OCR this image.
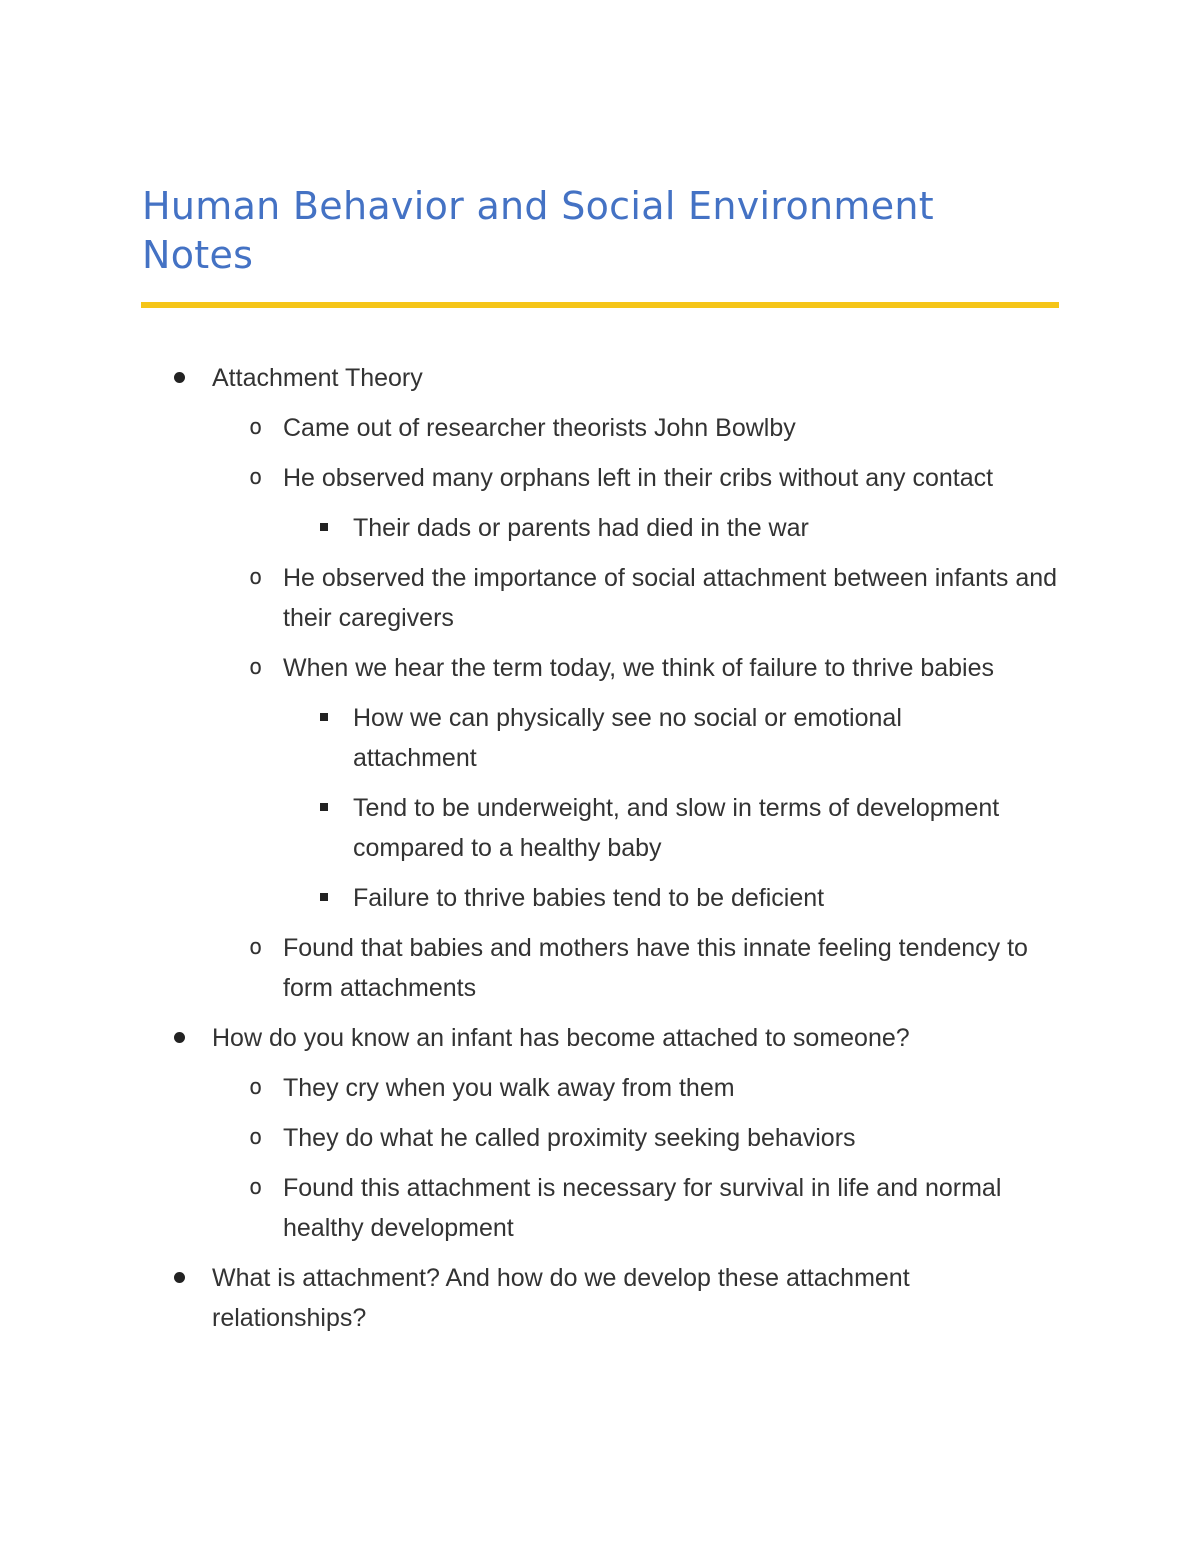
Human Behavior and Social Environment Notes
Attachment Theory
o Came out of researcher theorists John Bowlby
o He observed many orphans left in their cribs without any contact
Their dads or parents had died in the war
o He observed the importance of social attachment between infants and their caregivers
o When we hear the term today, we think of failure to thrive babies
How we can physically see no social or emotional attachment
Tend to be underweight, and slow in terms of development compared to a healthy baby
Failure to thrive babies tend to be deficient
o Found that babies and mothers have this innate feeling tendency to form attachments
How do you know an infant has become attached to someone?
o They cry when you walk away from them
o They do what he called proximity seeking behaviors
o Found this attachment is necessary for survival in life and normal healthy development
What is attachment? And how do we develop these attachment relationships?
